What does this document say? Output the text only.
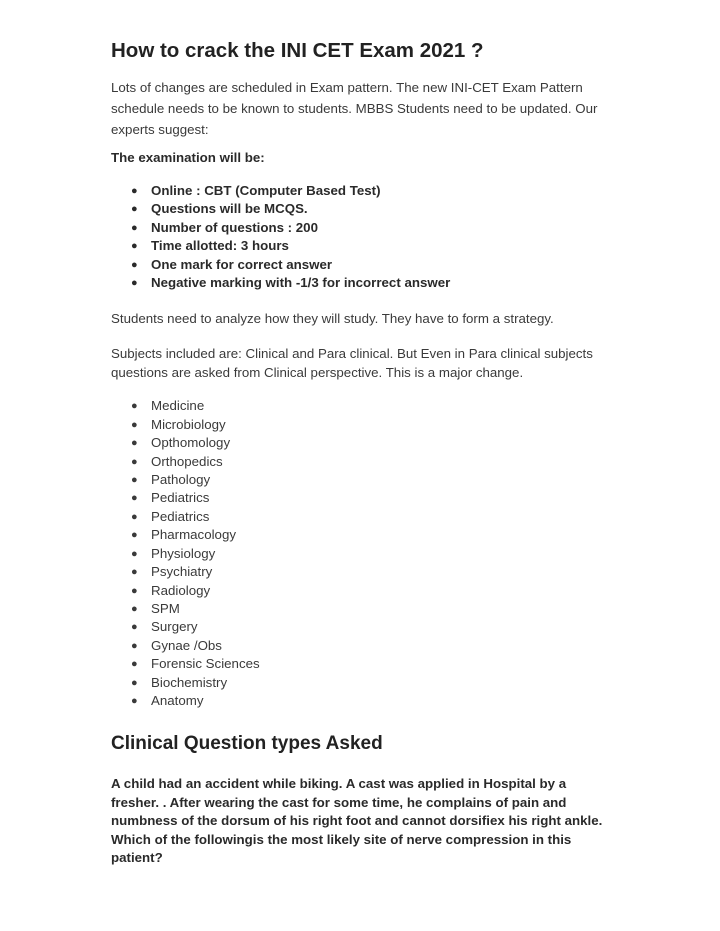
How to crack the INI CET Exam 2021 ?

Lots of changes are scheduled in Exam pattern. The new INI-CET Exam Pattern schedule needs to be known to students. MBBS Students need to be updated. Our experts suggest:

The examination will be:

● Online : CBT (Computer Based Test)
● Questions will be MCQS.
● Number of questions : 200
● Time allotted: 3 hours
● One mark for correct answer
● Negative marking with -1/3 for incorrect answer

Students need to analyze how they will study. They have to form a strategy.

Subjects included are: Clinical and Para clinical. But Even in Para clinical subjects questions are asked from Clinical perspective. This is a major change.

● Medicine
● Microbiology
● Opthomology
● Orthopedics
● Pathology
● Pediatrics
● Pediatrics
● Pharmacology
● Physiology
● Psychiatry
● Radiology
● SPM
● Surgery
● Gynae /Obs
● Forensic Sciences
● Biochemistry
● Anatomy
Clinical Question types Asked

A child had an accident while biking. A cast was applied in Hospital by a fresher. . After wearing the cast for some time, he complains of pain and numbness of the dorsum of his right foot and cannot dorsifiex his right ankle. Which of the followingis the most likely site of nerve compression in this patient?
